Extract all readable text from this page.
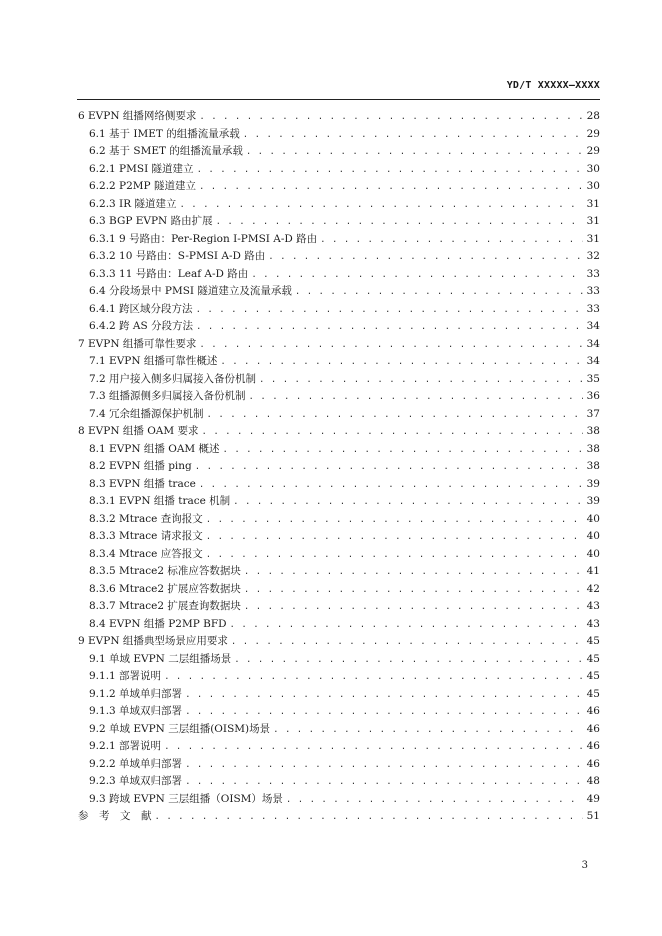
YD/T XXXXX—XXXX
6 EVPN 组播网络侧要求 . . .	28
6.1 基于 IMET 的组播流量承载 . . .	29
6.2 基于 SMET 的组播流量承载 . . .	29
6.2.1 PMSI 隧道建立 . . .	30
6.2.2 P2MP 隧道建立 . . .	30
6.2.3 IR 隧道建立 . . .	31
6.3 BGP EVPN 路由扩展 . . .	31
6.3.1 9 号路由：Per-Region I-PMSI A-D 路由 . . .	31
6.3.2 10 号路由：S-PMSI A-D 路由 . . .	32
6.3.3 11 号路由：Leaf A-D 路由 . . .	33
6.4 分段场景中 PMSI 隧道建立及流量承载 . . .	33
6.4.1 跨区域分段方法 . . .	33
6.4.2 跨 AS 分段方法 . . .	34
7 EVPN 组播可靠性要求 . . .	34
7.1 EVPN 组播可靠性概述 . . .	34
7.2 用户接入侧多归属接入备份机制 . . .	35
7.3 组播源侧多归属接入备份机制 . . .	36
7.4 冗余组播源保护机制 . . .	37
8 EVPN 组播 OAM 要求 . . .	38
8.1 EVPN 组播 OAM 概述 . . .	38
8.2 EVPN 组播 ping . . .	38
8.3 EVPN 组播 trace . . .	39
8.3.1 EVPN 组播 trace 机制 . . .	39
8.3.2 Mtrace 查询报文 . . .	40
8.3.3 Mtrace 请求报文 . . .	40
8.3.4 Mtrace 应答报文 . . .	40
8.3.5 Mtrace2 标准应答数据块 . . .	41
8.3.6 Mtrace2 扩展应答数据块 . . .	42
8.3.7 Mtrace2 扩展查询数据块 . . .	43
8.4 EVPN 组播 P2MP BFD . . .	43
9 EVPN 组播典型场景应用要求 . . .	45
9.1 单域 EVPN 二层组播场景 . . .	45
9.1.1 部署说明 . . .	45
9.1.2 单域单归部署 . . .	45
9.1.3 单域双归部署 . . .	46
9.2 单域 EVPN 三层组播(OISM)场景 . . .	46
9.2.1 部署说明 . . .	46
9.2.2 单域单归部署 . . .	46
9.2.3 单域双归部署 . . .	48
9.3 跨域 EVPN 三层组播（OISM）场景 . . .	49
参　考　文　献 . . .	51
3
